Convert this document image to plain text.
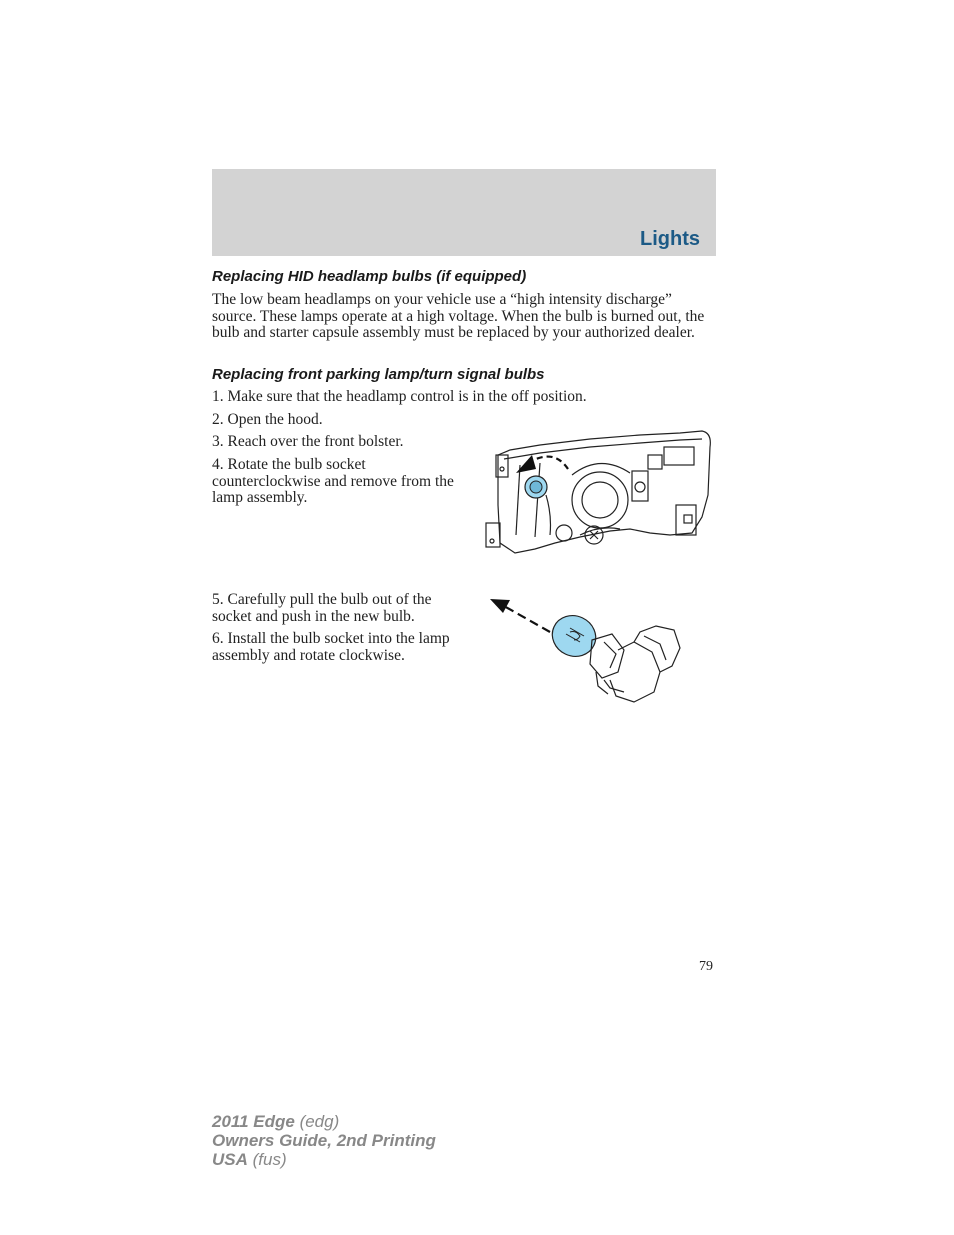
Lights
Replacing HID headlamp bulbs (if equipped)
The low beam headlamps on your vehicle use a “high intensity discharge” source. These lamps operate at a high voltage. When the bulb is burned out, the bulb and starter capsule assembly must be replaced by your authorized dealer.
Replacing front parking lamp/turn signal bulbs
1. Make sure that the headlamp control is in the off position.
2. Open the hood.
3. Reach over the front bolster.
4. Rotate the bulb socket counterclockwise and remove from the lamp assembly.
5. Carefully pull the bulb out of the socket and push in the new bulb.
6. Install the bulb socket into the lamp assembly and rotate clockwise.
79
2011 Edge (edg)
Owners Guide, 2nd Printing
USA (fus)
